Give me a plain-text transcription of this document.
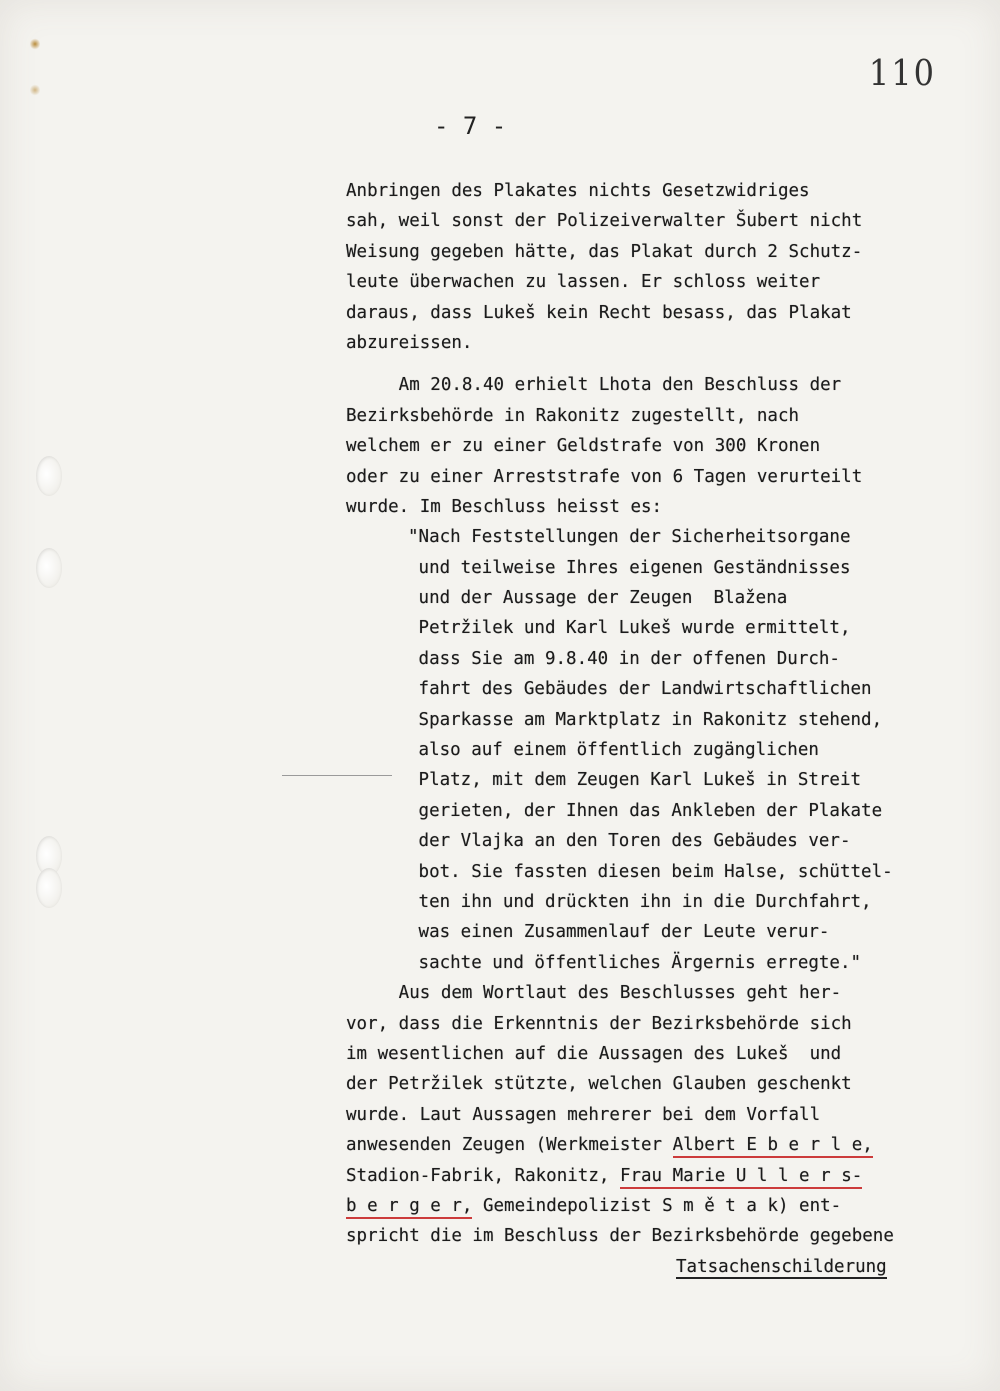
110
- 7 -
Anbringen des Plakates nichts Gesetzwidriges
sah, weil sonst der Polizeiverwalter Šubert nicht
Weisung gegeben hätte, das Plakat durch 2 Schutz-
leute überwachen zu lassen. Er schloss weiter
daraus, dass Lukeš kein Recht besass, das Plakat
abzureissen.
Am 20.8.40 erhielt Lhota den Beschluss der
Bezirksbehörde in Rakonitz zugestellt, nach
welchem er zu einer Geldstrafe von 300 Kronen
oder zu einer Arreststrafe von 6 Tagen verurteilt
wurde. Im Beschluss heisst es:
"Nach Feststellungen der Sicherheitsorgane
und teilweise Ihres eigenen Geständnisses
und der Aussage der Zeugen  Blažena
Petržilek und Karl Lukeš wurde ermittelt,
dass Sie am 9.8.40 in der offenen Durch-
fahrt des Gebäudes der Landwirtschaftlichen
Sparkasse am Marktplatz in Rakonitz stehend,
also auf einem öffentlich zugänglichen
Platz, mit dem Zeugen Karl Lukeš in Streit
gerieten, der Ihnen das Ankleben der Plakate
der Vlajka an den Toren des Gebäudes ver-
bot. Sie fassten diesen beim Halse, schüttel-
ten ihn und drückten ihn in die Durchfahrt,
was einen Zusammenlauf der Leute verur-
sachte und öffentliches Ärgernis erregte."
Aus dem Wortlaut des Beschlusses geht her-
vor, dass die Erkenntnis der Bezirksbehörde sich
im wesentlichen auf die Aussagen des Lukeš  und
der Petržilek stützte, welchen Glauben geschenkt
wurde. Laut Aussagen mehrerer bei dem Vorfall
anwesenden Zeugen (Werkmeister Albert E b e r l e,
Stadion-Fabrik, Rakonitz, Frau Marie U l l e r s-
b e r g e r, Gemeindepolizist S m ě t a k) ent-
spricht die im Beschluss der Bezirksbehörde gegebene
Tatsachenschilderung
